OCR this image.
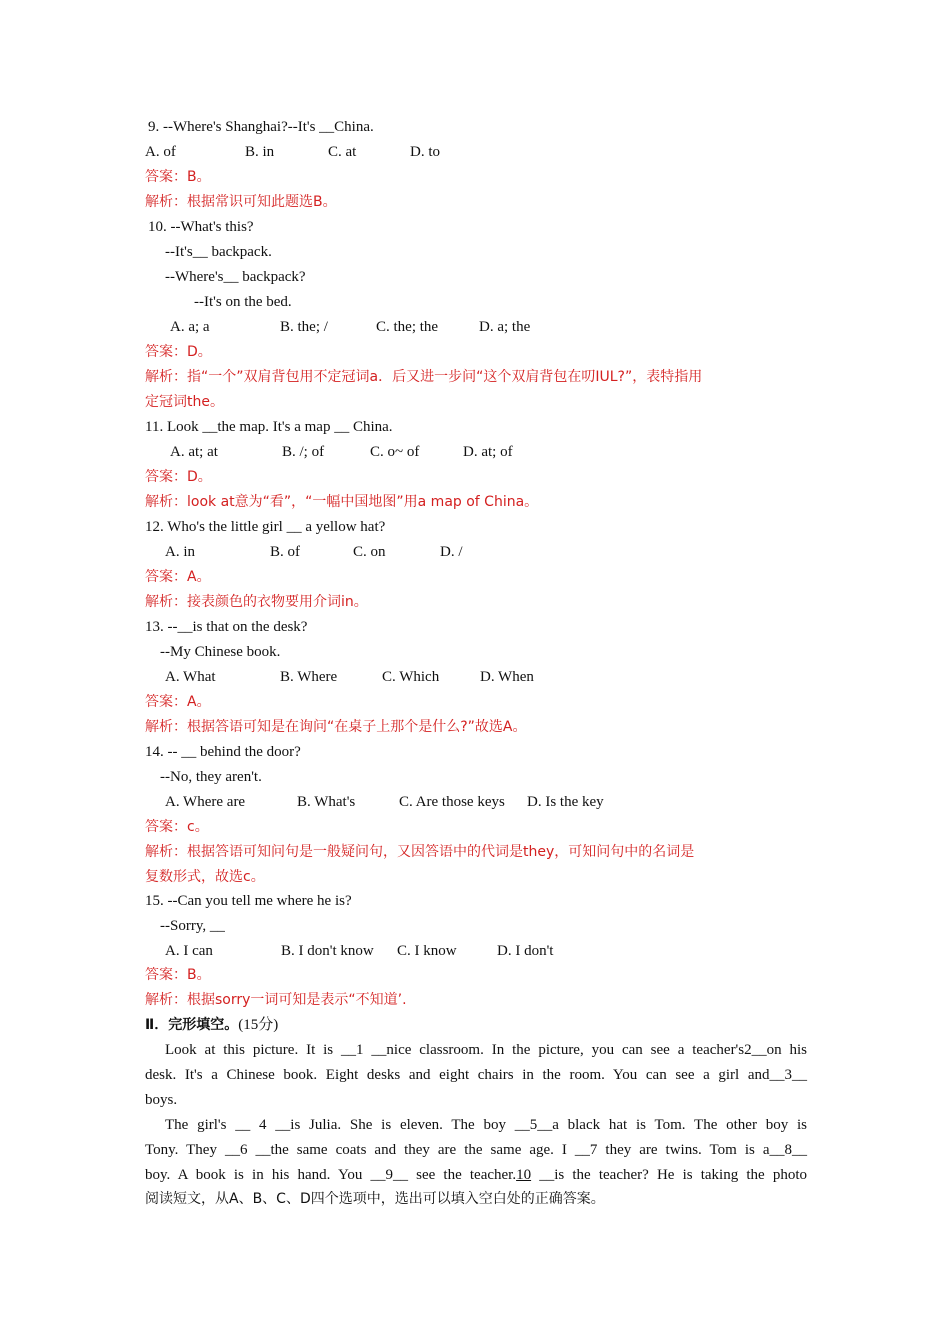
9. --Where's Shanghai?--It's __China.
A. of	B. in	C. at	D. to
答案：B。
解析：根据常识可知此题选B。
10. --What's this?
--It's__ backpack.
--Where's__ backpack?
--It's on the bed.
A. a; a	B. the; /	C. the; the	D. a; the
答案：D。
解析：指“一个”双肩背包用不定冠词a．后又进一步问“这个双肩背包在叨IUL?”，表特指用
定冠词the。
11. Look __the map. It's a map __ China.
A. at; at	B. /; of	C. o~ of	D. at; of
答案：D。
解析：look at意为“看”，“一幅中国地图”用a map of China。
12. Who's the little girl __ a yellow hat?
A. in	B. of	C. on	D. /
答案：A。
解析：接表颜色的衣物要用介词in。
13. --__is that on the desk?
--My Chinese book.
A. What	B. Where	C. Which	D. When
答案：A。
解析：根据答语可知是在询问“在桌子上那个是什么?”故选A。
14. -- __ behind the door?
--No, they aren't.
A. Where are	B. What's	C. Are those keys D. Is the key
答案：c。
解析：根据答语可知问句是一般疑问句，又因答语中的代词是they，可知问句中的名词是
复数形式，故选c。
15. --Can you tell me where he is?
--Sorry, __
A. I can	B. I don't know C. I know	D. I don't
答案：B。
解析：根据sorry一词可知是表示“不知道’.
Ⅱ．完形填空。(15分)
Look at this picture. It is __1 __nice classroom. In the picture, you can see a teacher's2__on his
desk. It's a Chinese book. Eight desks and eight chairs in the room. You can see a girl and__3__
boys.
The girl's __ 4 __is Julia. She is eleven. The boy __5__a black hat is Tom. The other boy is
Tony. They __6 __the same coats and they are the same age. I __7 they are twins. Tom is a__8__
boy. A book is in his hand. You __9__ see the teacher.10 __is the teacher? He is taking the photo
阅读短文，从A、B、C、D四个选项中，选出可以填入空白处的正确答案。
